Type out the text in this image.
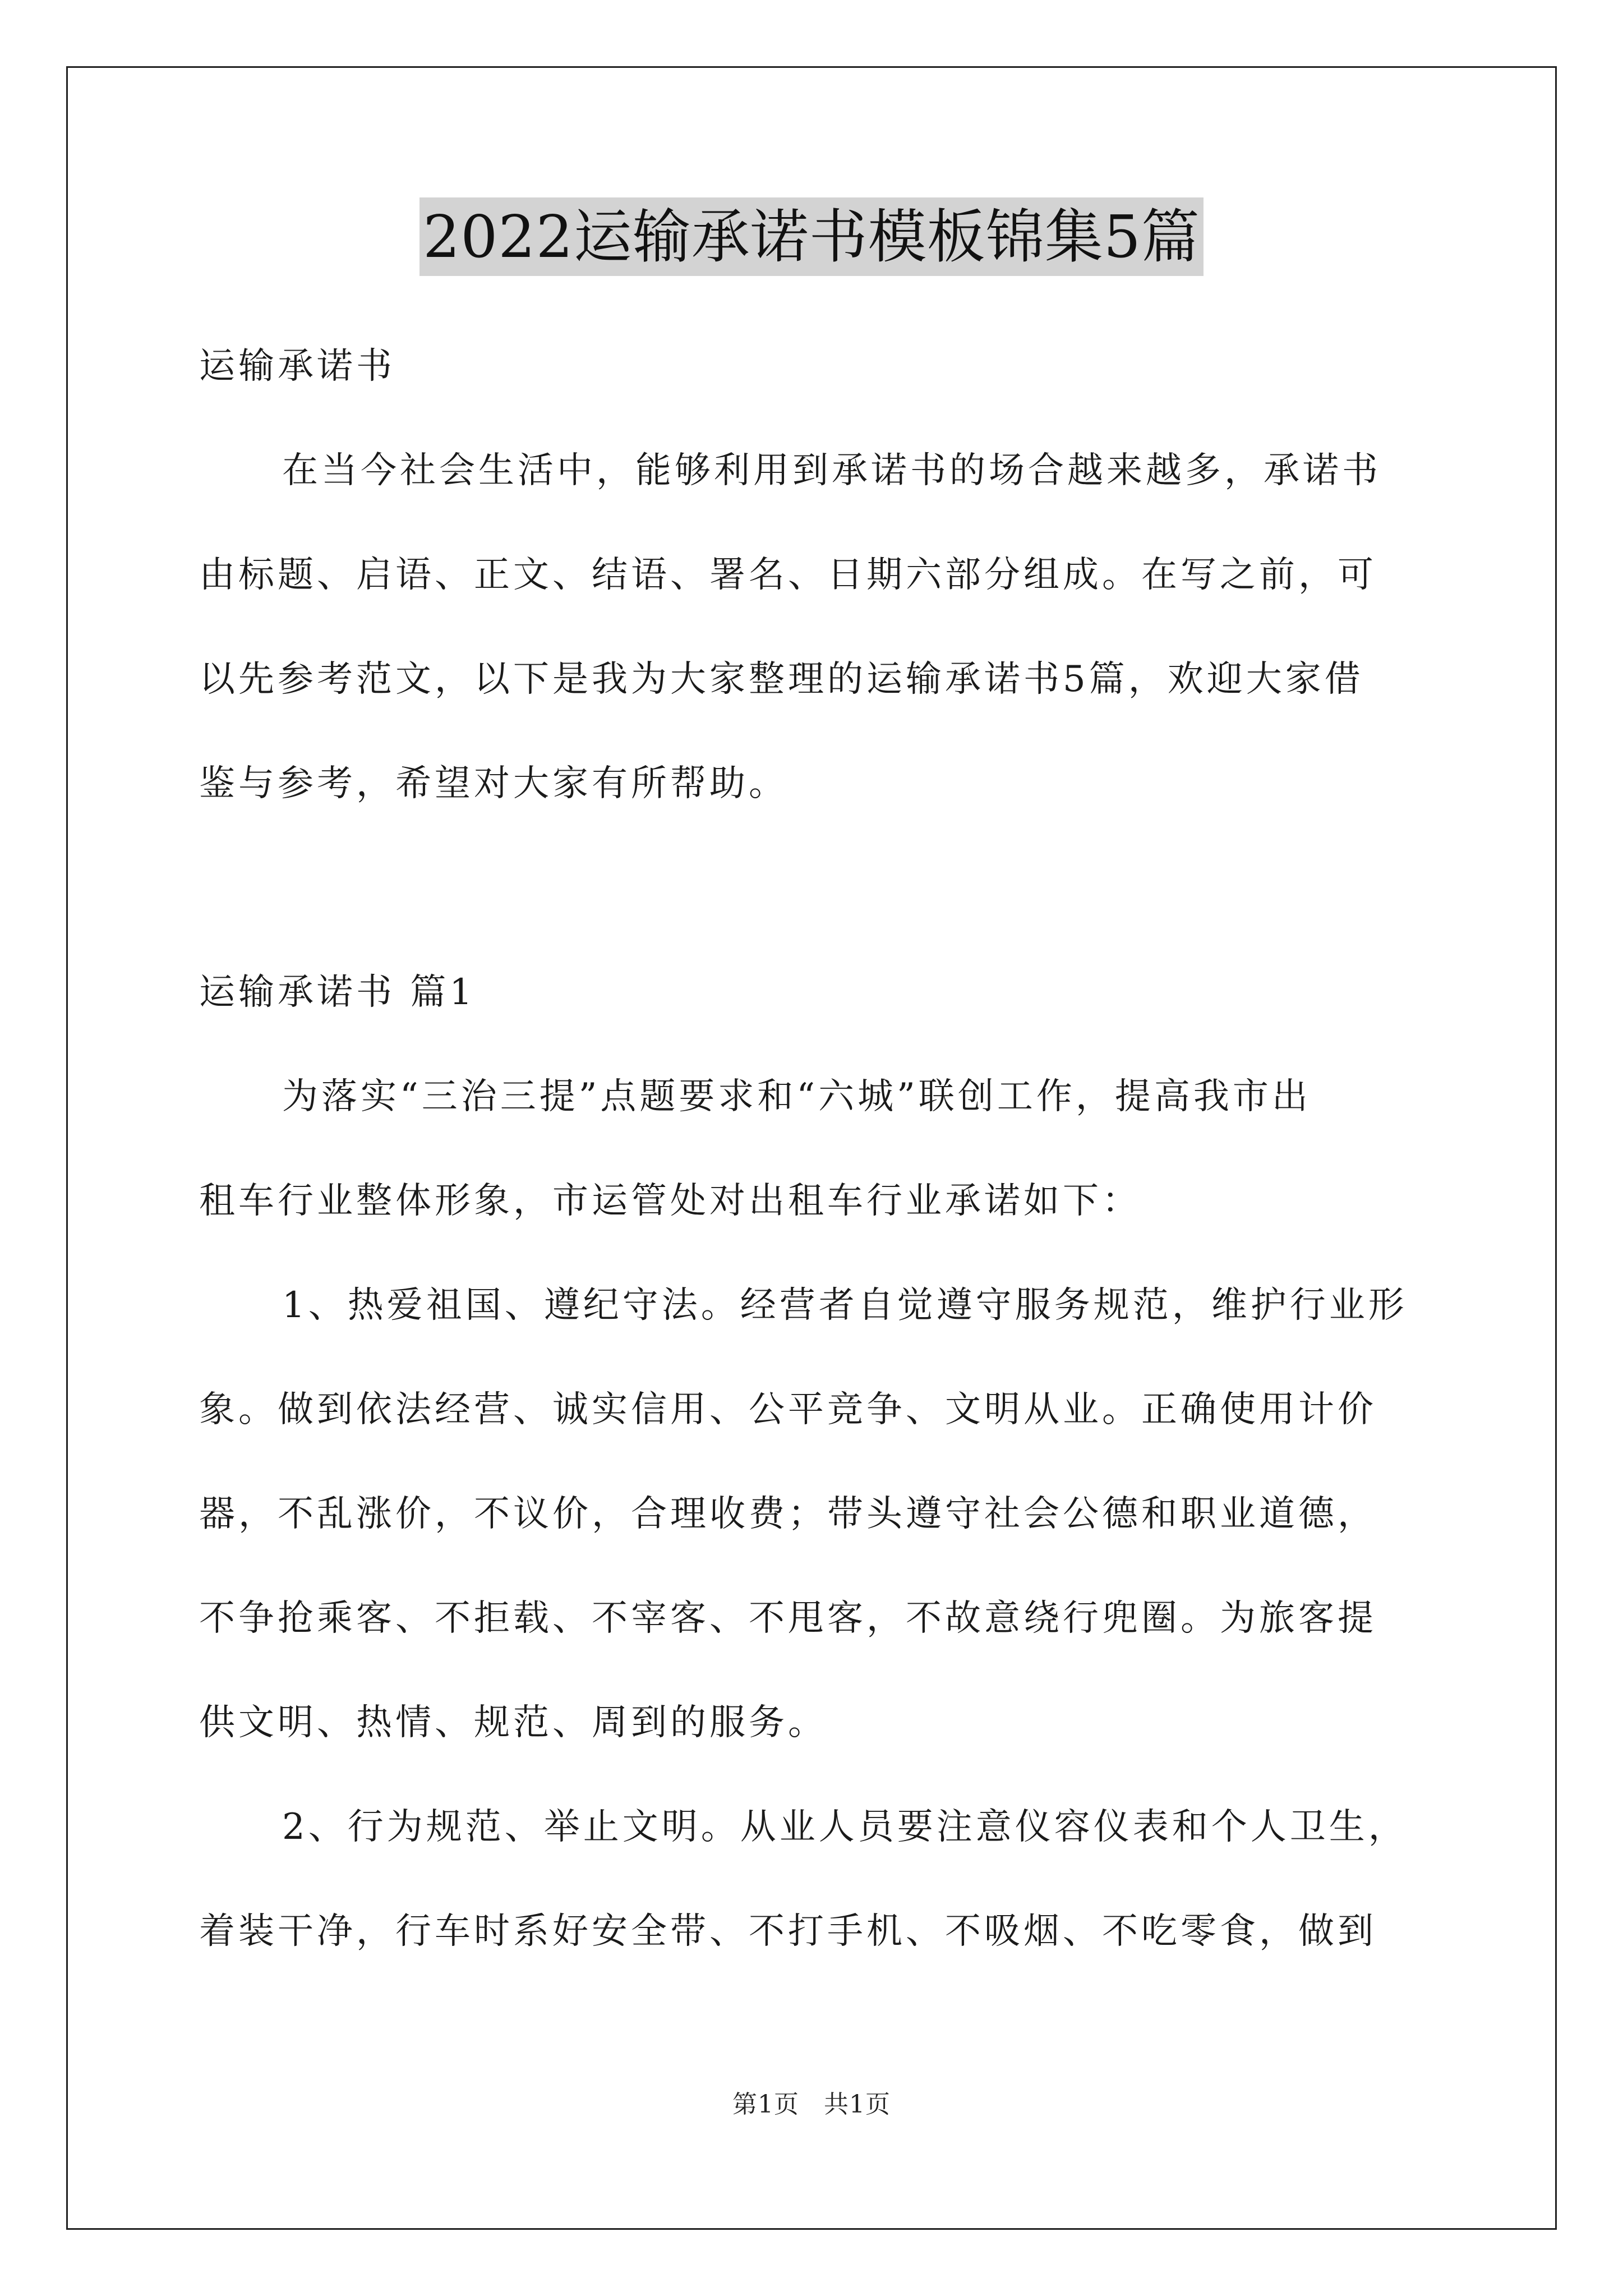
2022运输承诺书模板锦集5篇
运输承诺书
在当今社会生活中，能够利用到承诺书的场合越来越多，承诺书
由标题、启语、正文、结语、署名、日期六部分组成。在写之前，可
以先参考范文，以下是我为大家整理的运输承诺书5篇，欢迎大家借
鉴与参考，希望对大家有所帮助。
运输承诺书 篇1
为落实“三治三提”点题要求和“六城”联创工作，提高我市出
租车行业整体形象，市运管处对出租车行业承诺如下：
1、热爱祖国、遵纪守法。经营者自觉遵守服务规范，维护行业形
象。做到依法经营、诚实信用、公平竞争、文明从业。正确使用计价
器，不乱涨价，不议价，合理收费；带头遵守社会公德和职业道德，
不争抢乘客、不拒载、不宰客、不甩客，不故意绕行兜圈。为旅客提
供文明、热情、规范、周到的服务。
2、行为规范、举止文明。从业人员要注意仪容仪表和个人卫生，
着装干净，行车时系好安全带、不打手机、不吸烟、不吃零食，做到
第1页 共1页
